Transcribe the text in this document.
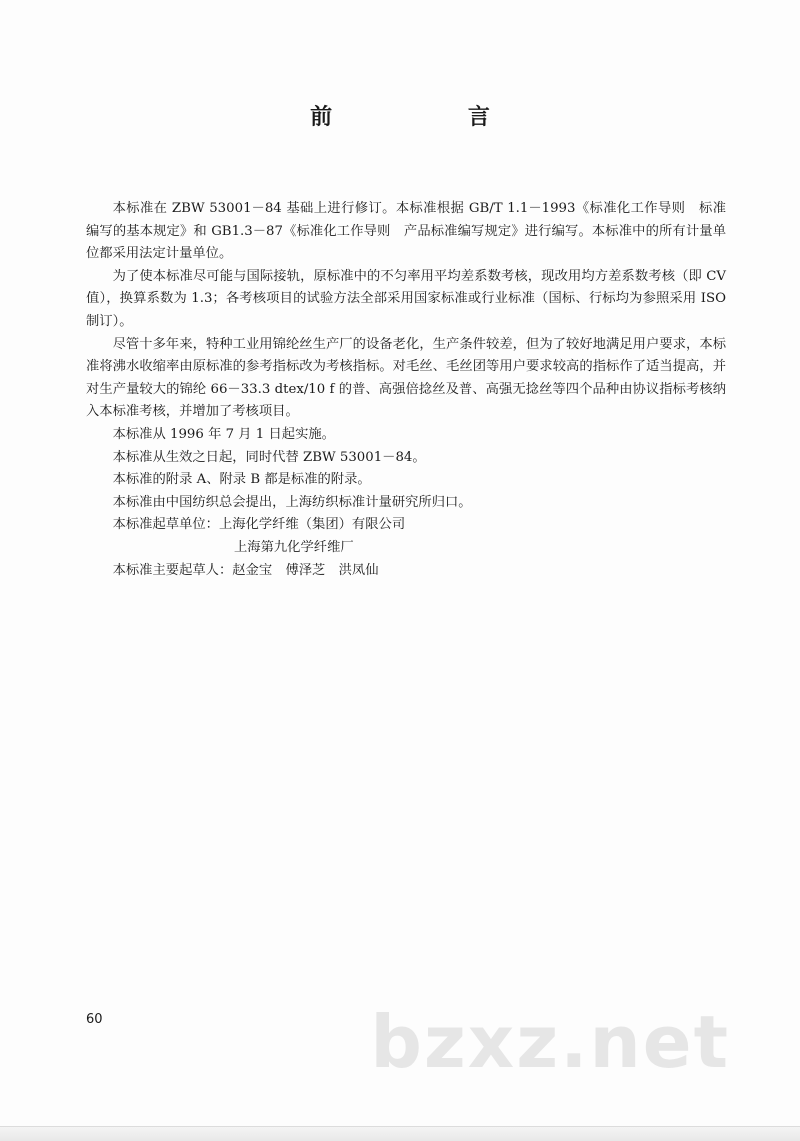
前 言

本标准在 ZBW 53001－84 基础上进行修订。本标准根据 GB/T 1.1－1993《标准化工作导则　标准编写的基本规定》和 GB1.3－87《标准化工作导则　产品标准编写规定》进行编写。本标准中的所有计量单位都采用法定计量单位。

为了使本标准尽可能与国际接轨，原标准中的不匀率用平均差系数考核，现改用均方差系数考核（即 CV 值），换算系数为 1.3；各考核项目的试验方法全部采用国家标准或行业标准（国标、行标均为参照采用 ISO 制订）。

尽管十多年来，特种工业用锦纶丝生产厂的设备老化，生产条件较差，但为了较好地满足用户要求，本标准将沸水收缩率由原标准的参考指标改为考核指标。对毛丝、毛丝团等用户要求较高的指标作了适当提高，并对生产量较大的锦纶 66－33.3 dtex/10 f 的普、高强倍捻丝及普、高强无捻丝等四个品种由协议指标考核纳入本标准考核，并增加了考核项目。

本标准从 1996 年 7 月 1 日起实施。

本标准从生效之日起，同时代替 ZBW 53001－84。

本标准的附录 A、附录 B 都是标准的附录。

本标准由中国纺织总会提出，上海纺织标准计量研究所归口。

本标准起草单位：上海化学纤维（集团）有限公司

上海第九化学纤维厂

本标准主要起草人：赵金宝　傅泽芝　洪凤仙

60	bzxz.net
